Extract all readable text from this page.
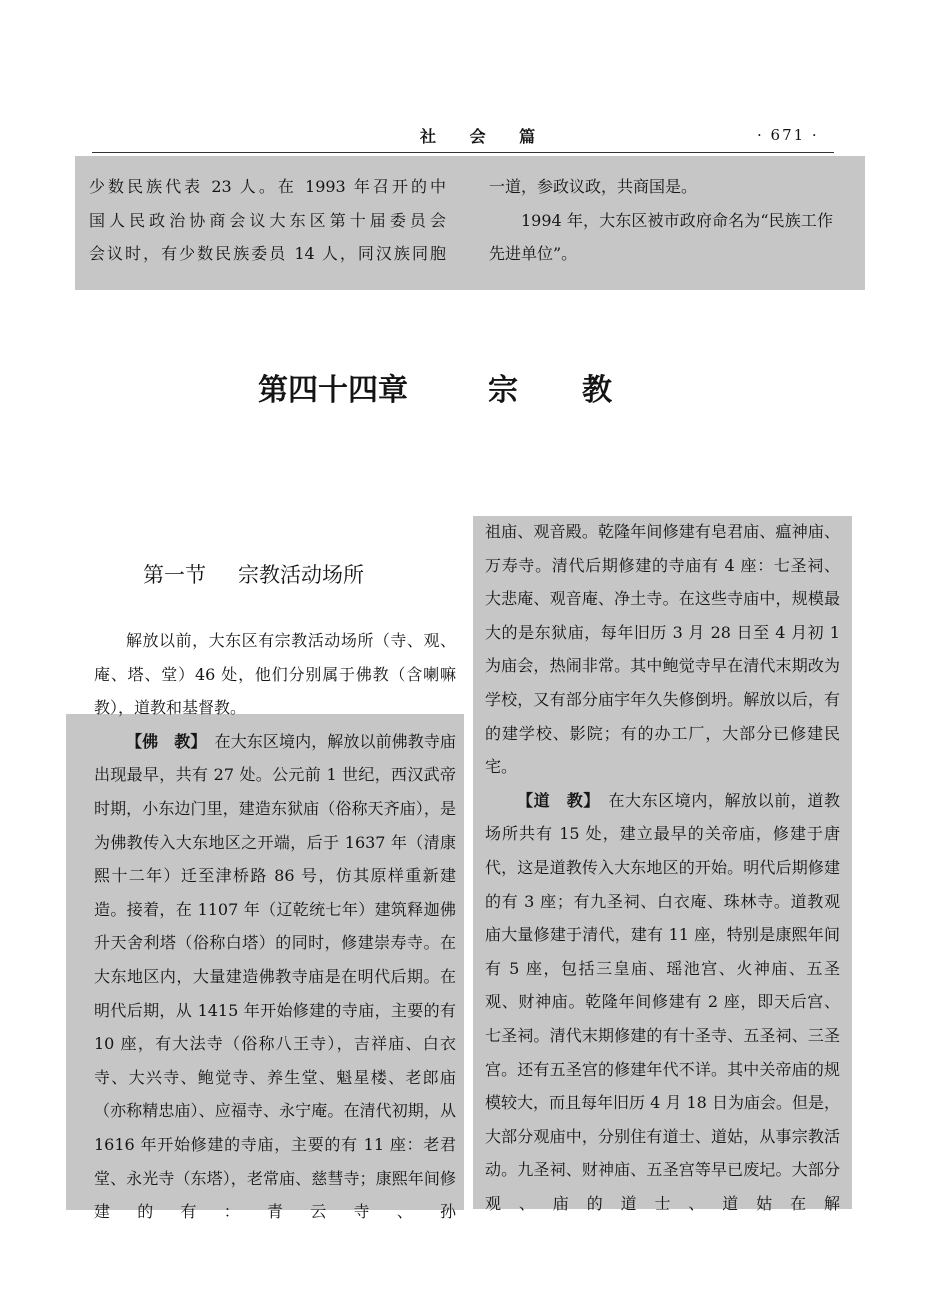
社 会 篇	· 671 ·

少数民族代表 23 人。在 1993 年召开的中

国人民政治协商会议大东区第十届委员会

会议时，有少数民族委员 14 人，同汉族同胞

一道，参政议政，共商国是。

1994 年，大东区被市政府命名为“民族工作先进单位”。

第四十四章	宗教
第一节 宗教活动场所

解放以前，大东区有宗教活动场所（寺、观、庵、塔、堂）46 处，他们分别属于佛教（含喇嘛教），道教和基督教。

【佛　教】　 在大东区境内，解放以前佛教寺庙出现最早，共有 27 处。公元前 1 世纪，西汉武帝时期，小东边门里，建造东狱庙（俗称天齐庙），是为佛教传入大东地区之开端，后于 1637 年（清康熙十二年）迁至津桥路 86 号，仿其原样重新建造。接着，在 1107 年（辽乾统七年）建筑释迦佛升天舍利塔（俗称白塔）的同时，修建崇寿寺。在大东地区内，大量建造佛教寺庙是在明代后期。在明代后期，从 1415 年开始修建的寺庙，主要的有 10 座，有大法寺（俗称八王寺），吉祥庙、白衣寺、大兴寺、鲍觉寺、养生堂、魁星楼、老郎庙（亦称精忠庙）、应福寺、永宁庵。在清代初期，从 1616 年开始修建的寺庙，主要的有 11 座：老君堂、永光寺（东塔），老常庙、慈彗寺；康熙年间修建的有：青云寺、孙

祖庙、观音殿。乾隆年间修建有皂君庙、瘟神庙、万寿寺。清代后期修建的寺庙有 4 座：七圣祠、大悲庵、观音庵、净土寺。在这些寺庙中，规模最大的是东狱庙，每年旧历 3 月 28 日至 4 月初 1 为庙会，热闹非常。其中鲍觉寺早在清代末期改为学校，又有部分庙宇年久失修倒坍。解放以后，有的建学校、影院；有的办工厂，大部分已修建民宅。

【道　教】　 在大东区境内，解放以前，道教场所共有 15 处，建立最早的关帝庙，修建于唐代，这是道教传入大东地区的开始。明代后期修建的有 3 座；有九圣祠、白衣庵、珠林寺。道教观庙大量修建于清代，建有 11 座，特别是康熙年间有 5 座，包括三皇庙、瑶池宫、火神庙、五圣观、财神庙。乾隆年间修建有 2 座，即天后宫、七圣祠。清代末期修建的有十圣寺、五圣祠、三圣宫。还有五圣宫的修建年代不详。其中关帝庙的规模较大，而且每年旧历 4 月 18 日为庙会。但是，大部分观庙中，分别住有道士、道姑，从事宗教活动。九圣祠、财神庙、五圣宫等早已废圮。大部分观、庙的道士、道姑在解
